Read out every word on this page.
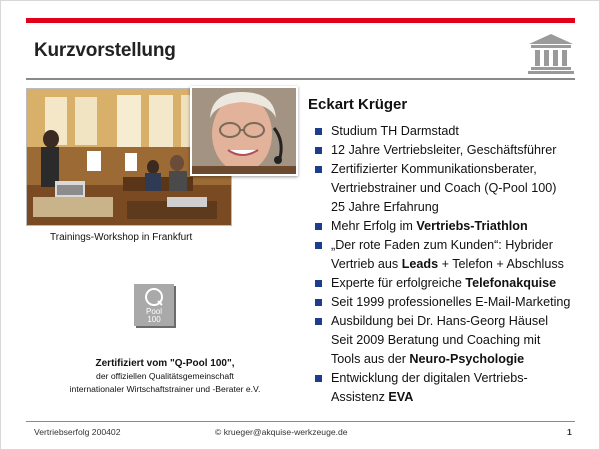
Kurzvorstellung
Trainings-Workshop in Frankfurt
Pool
100
Zertifiziert vom "Q-Pool 100",
der offiziellen Qualitätsgemeinschaft
internationaler Wirtschaftstrainer und -Berater e.V.
Eckart Krüger
Studium TH Darmstadt
12 Jahre Vertriebsleiter, Geschäftsführer
Zertifizierter Kommunikationsberater,
Vertriebstrainer und Coach (Q-Pool 100)
25 Jahre Erfahrung
Mehr Erfolg im Vertriebs-Triathlon
„Der rote Faden zum Kunden“: Hybrider
Vertrieb aus Leads + Telefon + Abschluss
Experte für erfolgreiche Telefonakquise
Seit 1999 professionelles E-Mail-Marketing
Ausbildung bei Dr. Hans-Georg Häusel
Seit 2009 Beratung und Coaching mit
Tools aus der Neuro-Psychologie
Entwicklung der digitalen Vertriebs-
Assistenz EVA
Vertriebserfolg 200402	© krueger@akquise-werkzeuge.de	1
